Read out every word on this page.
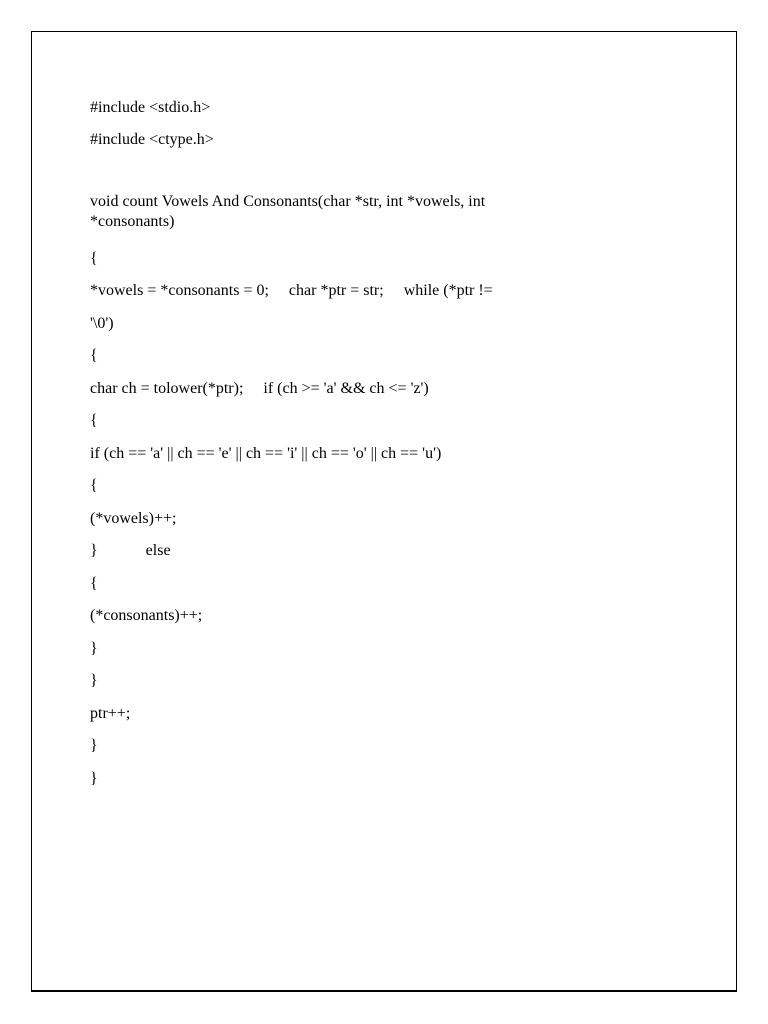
#include <stdio.h>

#include <ctype.h>

void count Vowels And Consonants(char *str, int *vowels, int *consonants)

{

*vowels = *consonants = 0;     char *ptr = str;     while (*ptr !=

'\0')

{

char ch = tolower(*ptr);     if (ch >= 'a' && ch <= 'z')

{

if (ch == 'a' || ch == 'e' || ch == 'i' || ch == 'o' || ch == 'u')

{

(*vowels)++;

}            else

{

(*consonants)++;

}

}

ptr++;

}

}
